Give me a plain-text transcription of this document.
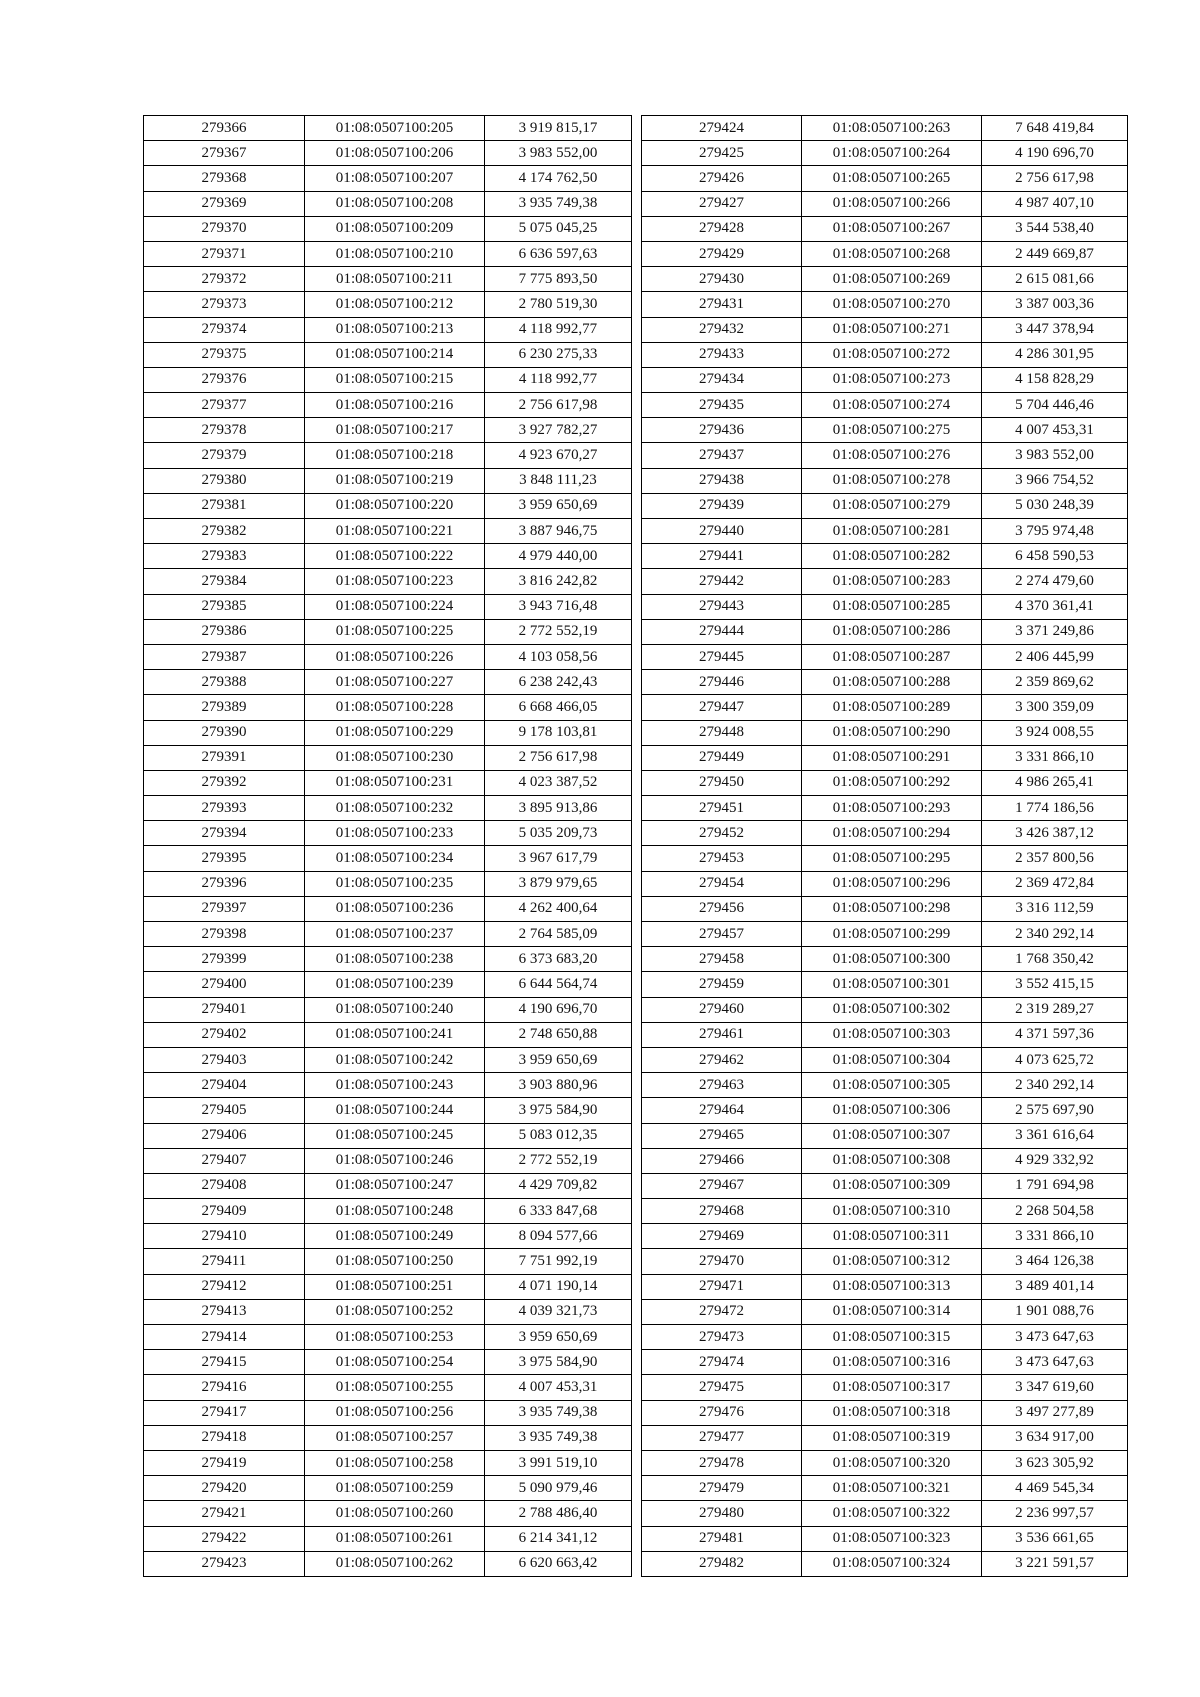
279366	01:08:0507100:205	3 919 815,17
279367	01:08:0507100:206	3 983 552,00
279368	01:08:0507100:207	4 174 762,50
279369	01:08:0507100:208	3 935 749,38
279370	01:08:0507100:209	5 075 045,25
279371	01:08:0507100:210	6 636 597,63
279372	01:08:0507100:211	7 775 893,50
279373	01:08:0507100:212	2 780 519,30
279374	01:08:0507100:213	4 118 992,77
279375	01:08:0507100:214	6 230 275,33
279376	01:08:0507100:215	4 118 992,77
279377	01:08:0507100:216	2 756 617,98
279378	01:08:0507100:217	3 927 782,27
279379	01:08:0507100:218	4 923 670,27
279380	01:08:0507100:219	3 848 111,23
279381	01:08:0507100:220	3 959 650,69
279382	01:08:0507100:221	3 887 946,75
279383	01:08:0507100:222	4 979 440,00
279384	01:08:0507100:223	3 816 242,82
279385	01:08:0507100:224	3 943 716,48
279386	01:08:0507100:225	2 772 552,19
279387	01:08:0507100:226	4 103 058,56
279388	01:08:0507100:227	6 238 242,43
279389	01:08:0507100:228	6 668 466,05
279390	01:08:0507100:229	9 178 103,81
279391	01:08:0507100:230	2 756 617,98
279392	01:08:0507100:231	4 023 387,52
279393	01:08:0507100:232	3 895 913,86
279394	01:08:0507100:233	5 035 209,73
279395	01:08:0507100:234	3 967 617,79
279396	01:08:0507100:235	3 879 979,65
279397	01:08:0507100:236	4 262 400,64
279398	01:08:0507100:237	2 764 585,09
279399	01:08:0507100:238	6 373 683,20
279400	01:08:0507100:239	6 644 564,74
279401	01:08:0507100:240	4 190 696,70
279402	01:08:0507100:241	2 748 650,88
279403	01:08:0507100:242	3 959 650,69
279404	01:08:0507100:243	3 903 880,96
279405	01:08:0507100:244	3 975 584,90
279406	01:08:0507100:245	5 083 012,35
279407	01:08:0507100:246	2 772 552,19
279408	01:08:0507100:247	4 429 709,82
279409	01:08:0507100:248	6 333 847,68
279410	01:08:0507100:249	8 094 577,66
279411	01:08:0507100:250	7 751 992,19
279412	01:08:0507100:251	4 071 190,14
279413	01:08:0507100:252	4 039 321,73
279414	01:08:0507100:253	3 959 650,69
279415	01:08:0507100:254	3 975 584,90
279416	01:08:0507100:255	4 007 453,31
279417	01:08:0507100:256	3 935 749,38
279418	01:08:0507100:257	3 935 749,38
279419	01:08:0507100:258	3 991 519,10
279420	01:08:0507100:259	5 090 979,46
279421	01:08:0507100:260	2 788 486,40
279422	01:08:0507100:261	6 214 341,12
279423	01:08:0507100:262	6 620 663,42
279424	01:08:0507100:263	7 648 419,84
279425	01:08:0507100:264	4 190 696,70
279426	01:08:0507100:265	2 756 617,98
279427	01:08:0507100:266	4 987 407,10
279428	01:08:0507100:267	3 544 538,40
279429	01:08:0507100:268	2 449 669,87
279430	01:08:0507100:269	2 615 081,66
279431	01:08:0507100:270	3 387 003,36
279432	01:08:0507100:271	3 447 378,94
279433	01:08:0507100:272	4 286 301,95
279434	01:08:0507100:273	4 158 828,29
279435	01:08:0507100:274	5 704 446,46
279436	01:08:0507100:275	4 007 453,31
279437	01:08:0507100:276	3 983 552,00
279438	01:08:0507100:278	3 966 754,52
279439	01:08:0507100:279	5 030 248,39
279440	01:08:0507100:281	3 795 974,48
279441	01:08:0507100:282	6 458 590,53
279442	01:08:0507100:283	2 274 479,60
279443	01:08:0507100:285	4 370 361,41
279444	01:08:0507100:286	3 371 249,86
279445	01:08:0507100:287	2 406 445,99
279446	01:08:0507100:288	2 359 869,62
279447	01:08:0507100:289	3 300 359,09
279448	01:08:0507100:290	3 924 008,55
279449	01:08:0507100:291	3 331 866,10
279450	01:08:0507100:292	4 986 265,41
279451	01:08:0507100:293	1 774 186,56
279452	01:08:0507100:294	3 426 387,12
279453	01:08:0507100:295	2 357 800,56
279454	01:08:0507100:296	2 369 472,84
279456	01:08:0507100:298	3 316 112,59
279457	01:08:0507100:299	2 340 292,14
279458	01:08:0507100:300	1 768 350,42
279459	01:08:0507100:301	3 552 415,15
279460	01:08:0507100:302	2 319 289,27
279461	01:08:0507100:303	4 371 597,36
279462	01:08:0507100:304	4 073 625,72
279463	01:08:0507100:305	2 340 292,14
279464	01:08:0507100:306	2 575 697,90
279465	01:08:0507100:307	3 361 616,64
279466	01:08:0507100:308	4 929 332,92
279467	01:08:0507100:309	1 791 694,98
279468	01:08:0507100:310	2 268 504,58
279469	01:08:0507100:311	3 331 866,10
279470	01:08:0507100:312	3 464 126,38
279471	01:08:0507100:313	3 489 401,14
279472	01:08:0507100:314	1 901 088,76
279473	01:08:0507100:315	3 473 647,63
279474	01:08:0507100:316	3 473 647,63
279475	01:08:0507100:317	3 347 619,60
279476	01:08:0507100:318	3 497 277,89
279477	01:08:0507100:319	3 634 917,00
279478	01:08:0507100:320	3 623 305,92
279479	01:08:0507100:321	4 469 545,34
279480	01:08:0507100:322	2 236 997,57
279481	01:08:0507100:323	3 536 661,65
279482	01:08:0507100:324	3 221 591,57
